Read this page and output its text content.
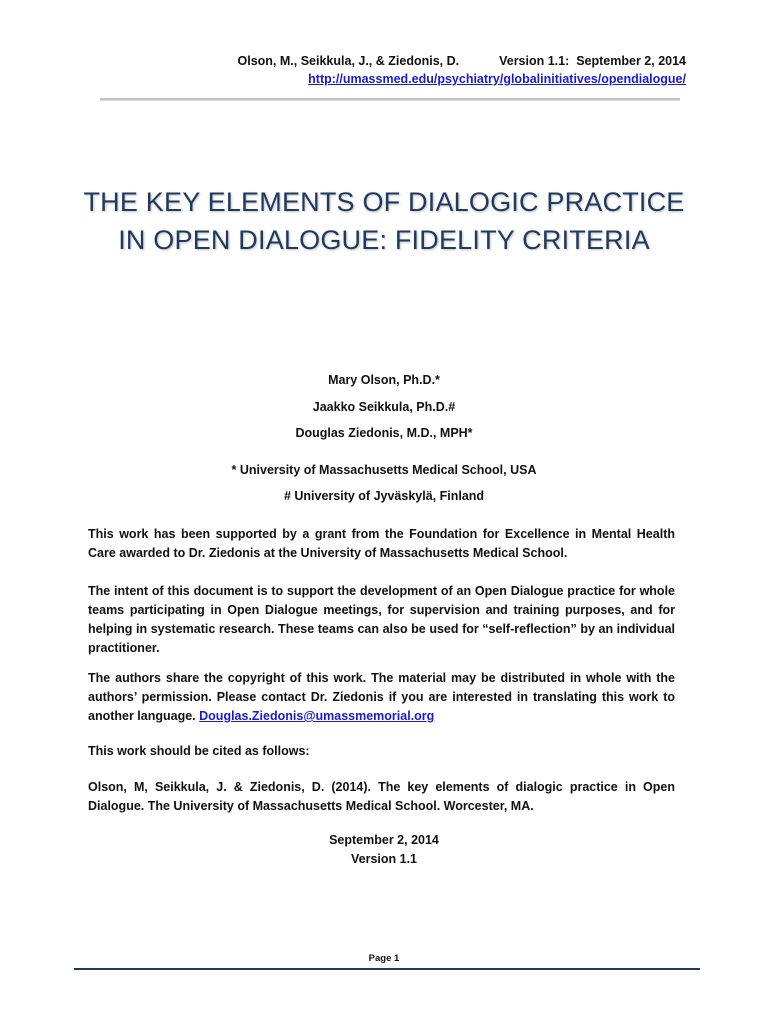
Olson, M., Seikkula, J., & Ziedonis, D.	Version 1.1:  September 2, 2014
http://umassmed.edu/psychiatry/globalinitiatives/opendialogue/
THE KEY ELEMENTS OF DIALOGIC PRACTICE
IN OPEN DIALOGUE: FIDELITY CRITERIA
Mary Olson, Ph.D.*
Jaakko Seikkula, Ph.D.#
Douglas Ziedonis, M.D., MPH*
* University of Massachusetts Medical School, USA
# University of Jyväskylä, Finland
This work has been supported by a grant from the Foundation for Excellence in Mental Health Care awarded to Dr. Ziedonis at the University of Massachusetts Medical School.
The intent of this document is to support the development of an Open Dialogue practice for whole teams participating in Open Dialogue meetings, for supervision and training purposes, and for helping in systematic research. These teams can also be used for “self-reflection” by an individual practitioner.
The authors share the copyright of this work. The material may be distributed in whole with the authors’ permission. Please contact Dr. Ziedonis if you are interested in translating this work to another language. Douglas.Ziedonis@umassmemorial.org
This work should be cited as follows:
Olson, M, Seikkula, J. & Ziedonis, D. (2014). The key elements of dialogic practice in Open Dialogue. The University of Massachusetts Medical School. Worcester, MA.
September 2, 2014
Version 1.1
Page 1
